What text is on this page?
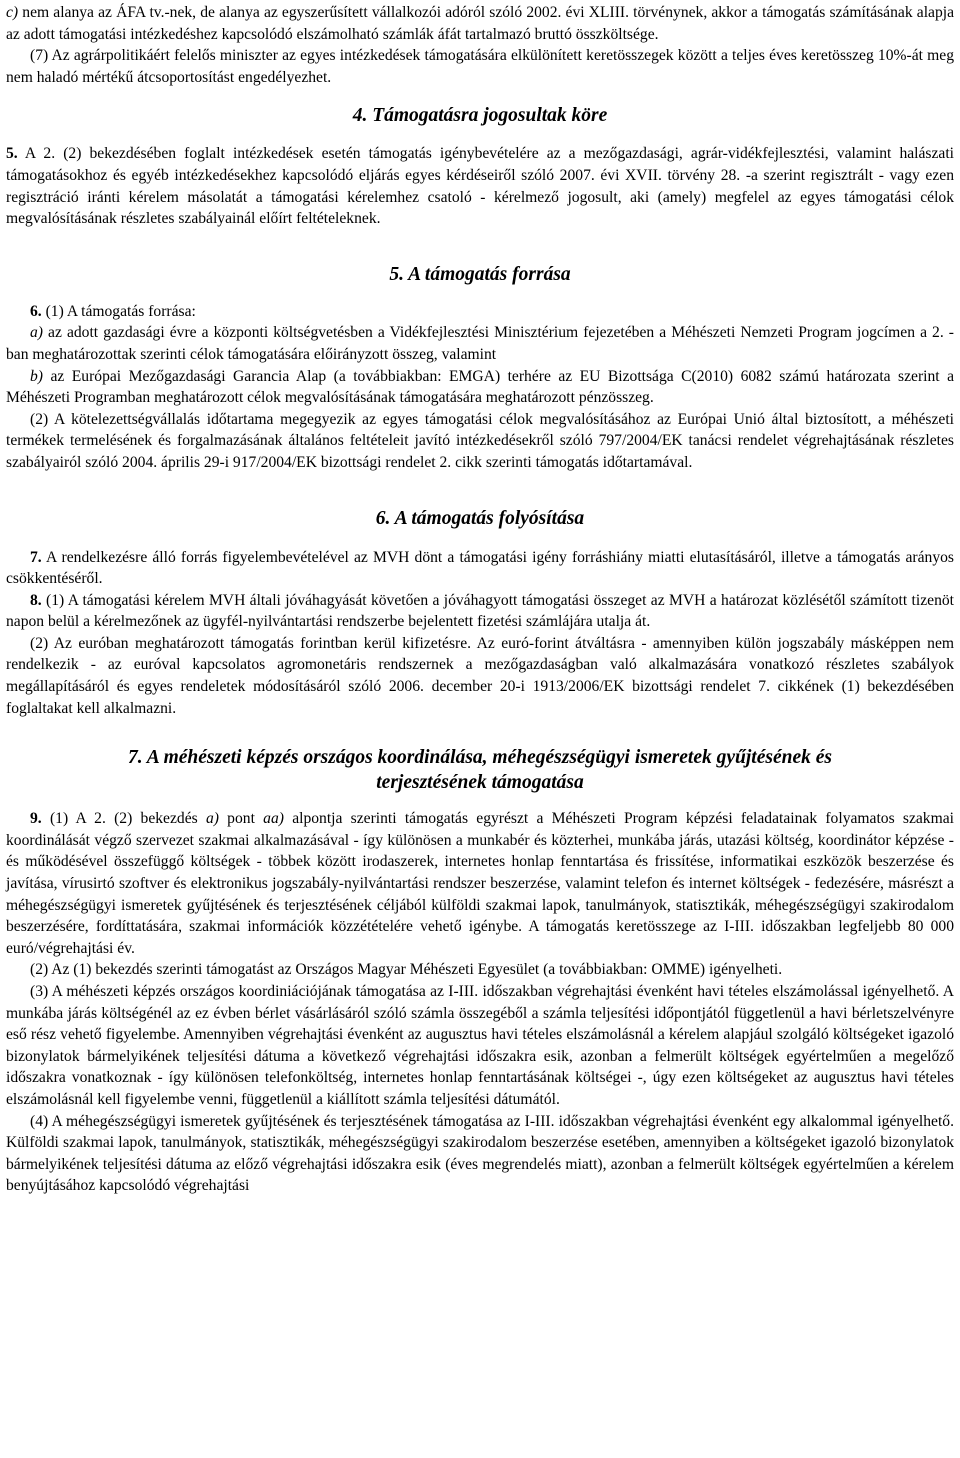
c) nem alanya az ÁFA tv.-nek, de alanya az egyszerűsített vállalkozói adóról szóló 2002. évi XLIII. törvénynek, akkor a támogatás számításának alapja az adott támogatási intézkedéshez kapcsolódó elszámolható számlák áfát tartalmazó bruttó összköltsége.

(7) Az agrárpolitikáért felelős miniszter az egyes intézkedések támogatására elkülönített keretösszegek között a teljes éves keretösszeg 10%-át meg nem haladó mértékű átcsoportosítást engedélyezhet.

4. Támogatásra jogosultak köre

5. A 2. (2) bekezdésében foglalt intézkedések esetén támogatás igénybevételére az a mezőgazdasági, agrár-vidékfejlesztési, valamint halászati támogatásokhoz és egyéb intézkedésekhez kapcsolódó eljárás egyes kérdéseiről szóló 2007. évi XVII. törvény 28. -a szerint regisztrált - vagy ezen regisztráció iránti kérelem másolatát a támogatási kérelemhez csatoló - kérelmező jogosult, aki (amely) megfelel az egyes támogatási célok megvalósításának részletes szabályainál előírt feltételeknek.

5. A támogatás forrása

6. (1) A támogatás forrása:

a) az adott gazdasági évre a központi költségvetésben a Vidékfejlesztési Minisztérium fejezetében a Méhészeti Nemzeti Program jogcímen a 2. -ban meghatározottak szerinti célok támogatására előirányzott összeg, valamint

b) az Európai Mezőgazdasági Garancia Alap (a továbbiakban: EMGA) terhére az EU Bizottsága C(2010) 6082 számú határozata szerint a Méhészeti Programban meghatározott célok megvalósításának támogatására meghatározott pénzösszeg.

(2) A kötelezettségvállalás időtartama megegyezik az egyes támogatási célok megvalósításához az Európai Unió által biztosított, a méhészeti termékek termelésének és forgalmazásának általános feltételeit javító intézkedésekről szóló 797/2004/EK tanácsi rendelet végrehajtásának részletes szabályairól szóló 2004. április 29-i 917/2004/EK bizottsági rendelet 2. cikk szerinti támogatás időtartamával.

6. A támogatás folyósítása

7. A rendelkezésre álló forrás figyelembevételével az MVH dönt a támogatási igény forráshiány miatti elutasításáról, illetve a támogatás arányos csökkentéséről.

8. (1) A támogatási kérelem MVH általi jóváhagyását követően a jóváhagyott támogatási összeget az MVH a határozat közlésétől számított tizenöt napon belül a kérelmezőnek az ügyfél-nyilvántartási rendszerbe bejelentett fizetési számlájára utalja át.

(2) Az euróban meghatározott támogatás forintban kerül kifizetésre. Az euró-forint átváltásra - amennyiben külön jogszabály másképpen nem rendelkezik - az euróval kapcsolatos agromonetáris rendszernek a mezőgazdaságban való alkalmazására vonatkozó részletes szabályok megállapításáról és egyes rendeletek módosításáról szóló 2006. december 20-i 1913/2006/EK bizottsági rendelet 7. cikkének (1) bekezdésében foglaltakat kell alkalmazni.

7. A méhészeti képzés országos koordinálása, méhegészségügyi ismeretek gyűjtésének és
terjesztésének támogatása

9. (1) A 2. (2) bekezdés a) pont aa) alpontja szerinti támogatás egyrészt a Méhészeti Program képzési feladatainak folyamatos szakmai koordinálását végző szervezet szakmai alkalmazásával - így különösen a munkabér és közterhei, munkába járás, utazási költség, koordinátor képzése - és működésével összefüggő költségek - többek között irodaszerek, internetes honlap fenntartása és frissítése, informatikai eszközök beszerzése és javítása, vírusirtó szoftver és elektronikus jogszabály-nyilvántartási rendszer beszerzése, valamint telefon és internet költségek - fedezésére, másrészt a méhegészségügyi ismeretek gyűjtésének és terjesztésének céljából külföldi szakmai lapok, tanulmányok, statisztikák, méhegészségügyi szakirodalom beszerzésére, fordíttatására, szakmai információk közzétételére vehető igénybe. A támogatás keretösszege az I-III. időszakban legfeljebb 80 000 euró/végrehajtási év.

(2) Az (1) bekezdés szerinti támogatást az Országos Magyar Méhészeti Egyesület (a továbbiakban: OMME) igényelheti.

(3) A méhészeti képzés országos koordiniációjának támogatása az I-III. időszakban végrehajtási évenként havi tételes elszámolással igényelhető. A munkába járás költségénél az ez évben bérlet vásárlásáról szóló számla összegéből a számla teljesítési időpontjától függetlenül a havi bérletszelvényre eső rész vehető figyelembe. Amennyiben végrehajtási évenként az augusztus havi tételes elszámolásnál a kérelem alapjául szolgáló költségeket igazoló bizonylatok bármelyikének teljesítési dátuma a következő végrehajtási időszakra esik, azonban a felmerült költségek egyértelműen a megelőző időszakra vonatkoznak - így különösen telefonköltség, internetes honlap fenntartásának költségei -, úgy ezen költségeket az augusztus havi tételes elszámolásnál kell figyelembe venni, függetlenül a kiállított számla teljesítési dátumától.

(4) A méhegészségügyi ismeretek gyűjtésének és terjesztésének támogatása az I-III. időszakban végrehajtási évenként egy alkalommal igényelhető. Külföldi szakmai lapok, tanulmányok, statisztikák, méhegészségügyi szakirodalom beszerzése esetében, amennyiben a költségeket igazoló bizonylatok bármelyikének teljesítési dátuma az előző végrehajtási időszakra esik (éves megrendelés miatt), azonban a felmerült költségek egyértelműen a kérelem benyújtásához kapcsolódó végrehajtási
